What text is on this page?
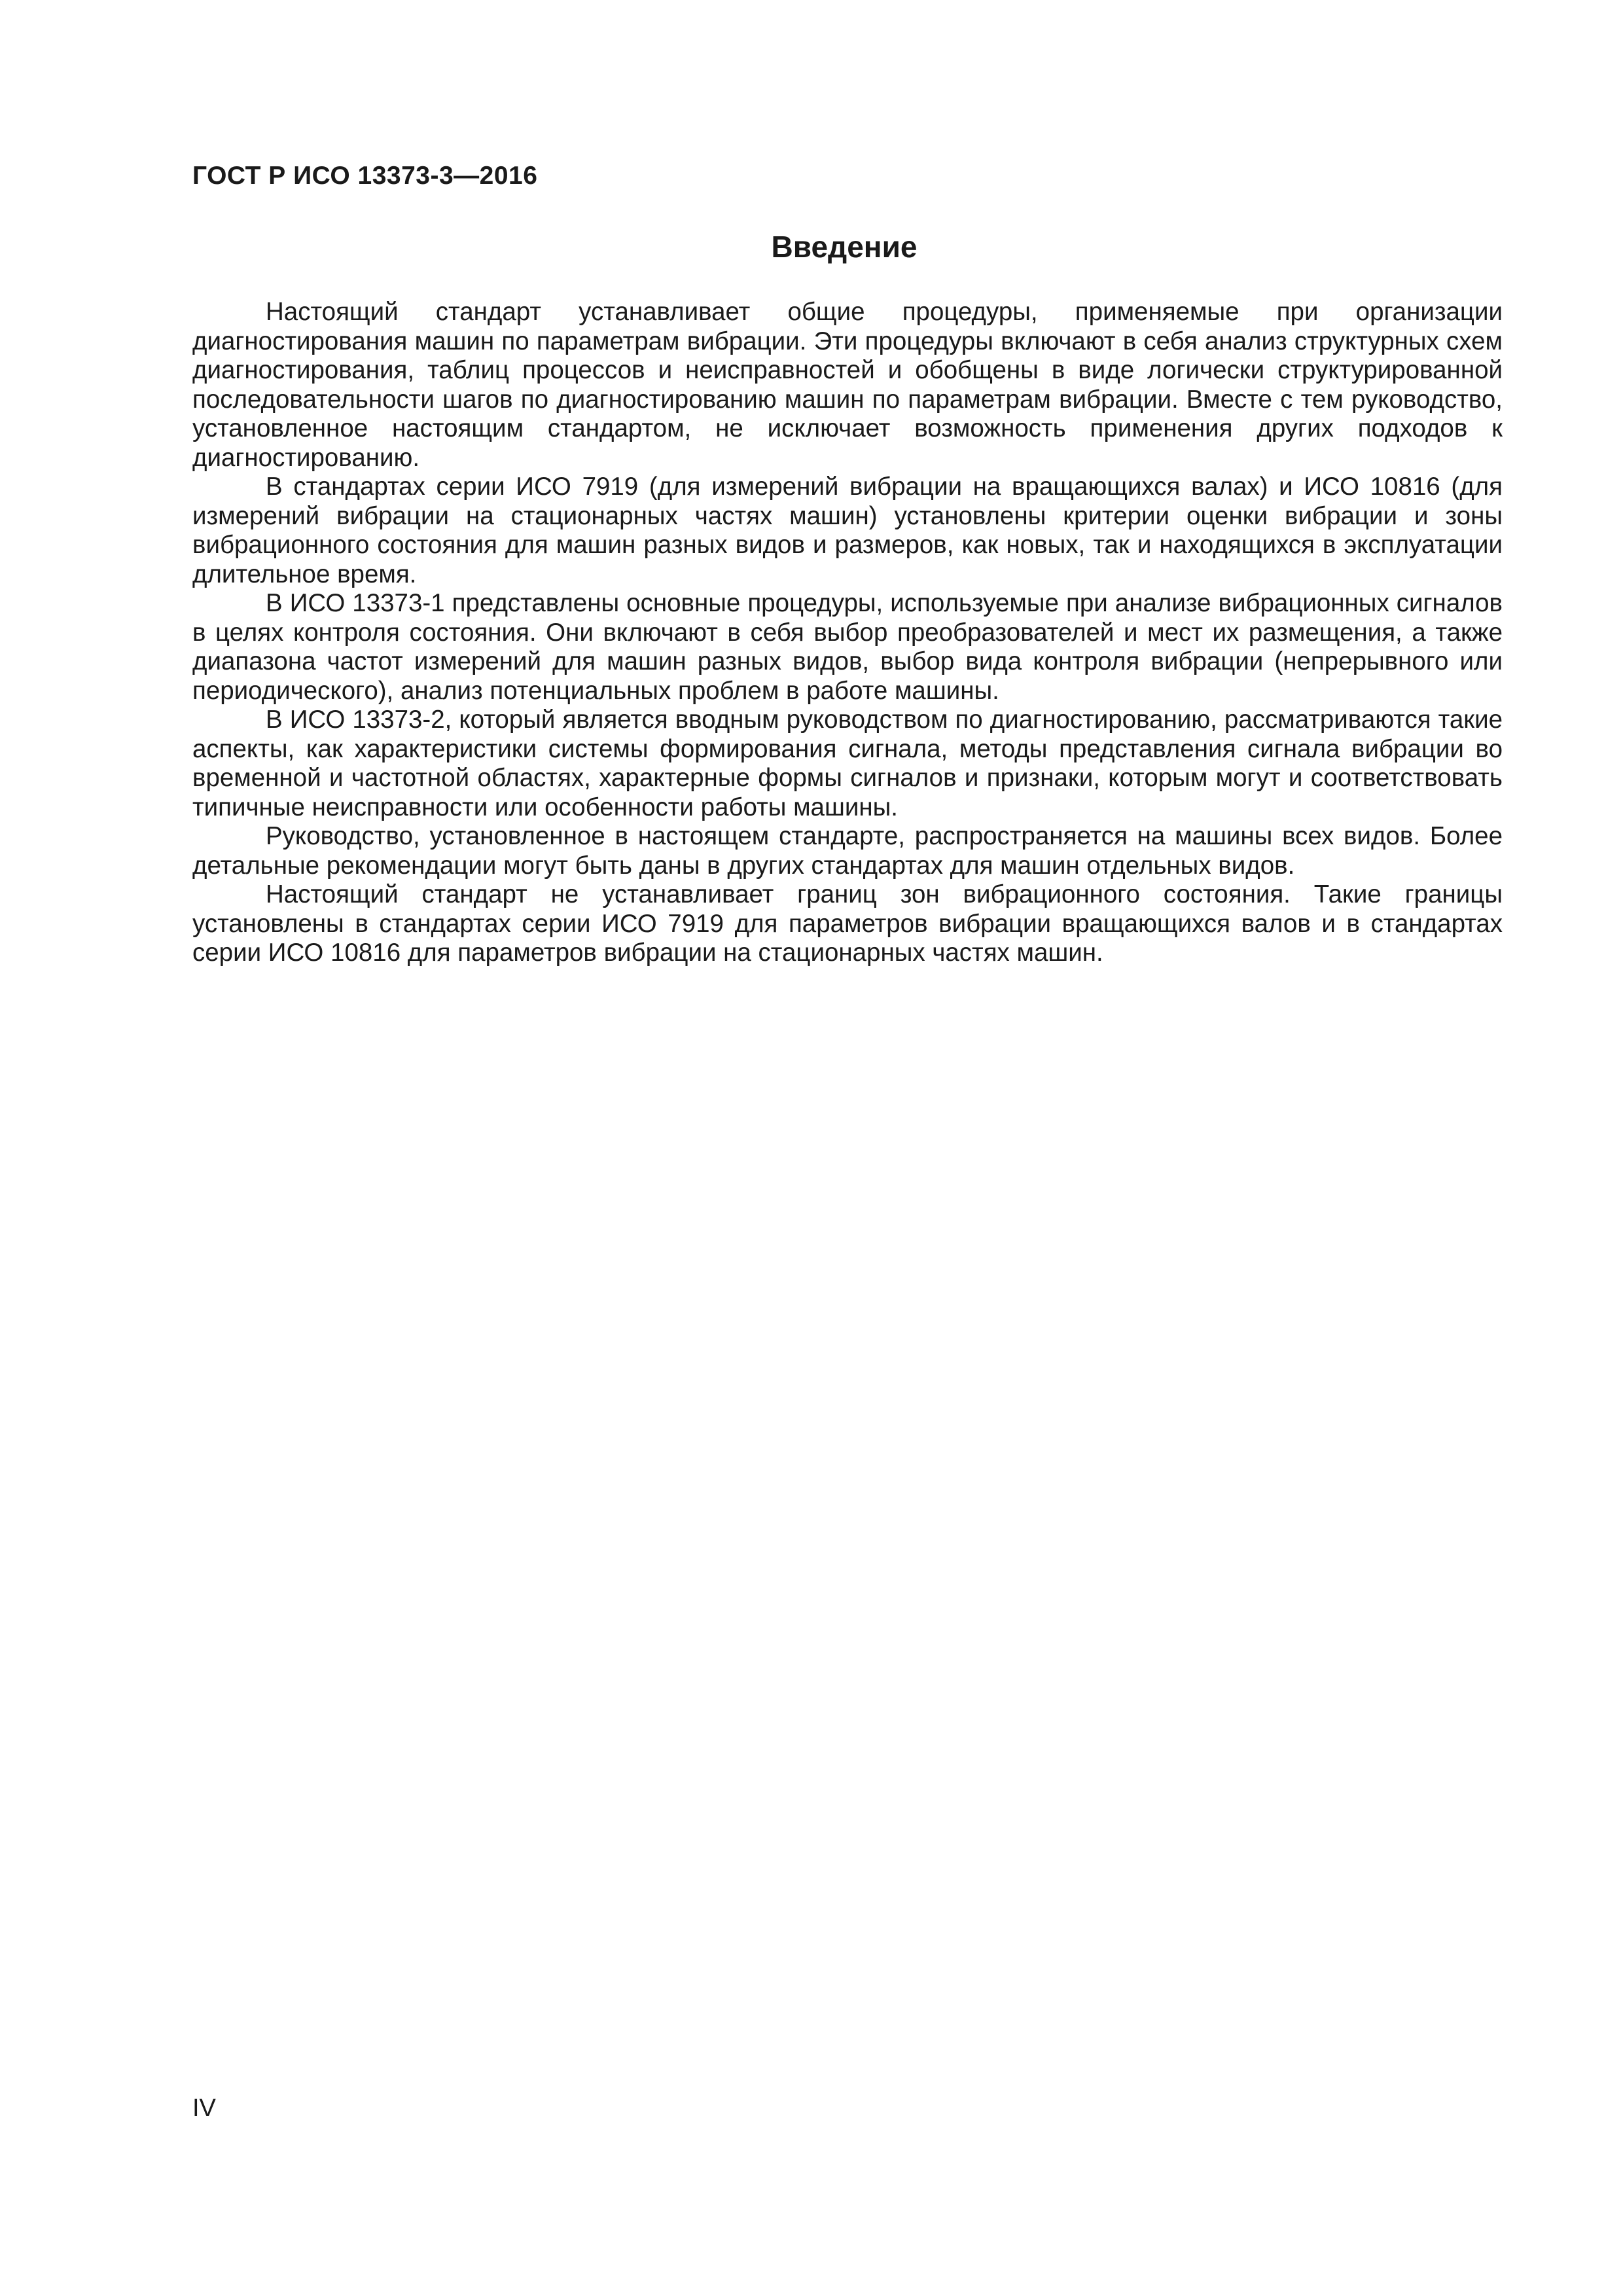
ГОСТ Р ИСО 13373-3—2016
Введение

Настоящий стандарт устанавливает общие процедуры, применяемые при организации диагностирования машин по параметрам вибрации. Эти процедуры включают в себя анализ структурных схем диагностирования, таблиц процессов и неисправностей и обобщены в виде логически структурированной последовательности шагов по диагностированию машин по параметрам вибрации. Вместе с тем руководство, установленное настоящим стандартом, не исключает возможность применения других подходов к диагностированию.

В стандартах серии ИСО 7919 (для измерений вибрации на вращающихся валах) и ИСО 10816 (для измерений вибрации на стационарных частях машин) установлены критерии оценки вибрации и зоны вибрационного состояния для машин разных видов и размеров, как новых, так и находящихся в эксплуатации длительное время.

В ИСО 13373-1 представлены основные процедуры, используемые при анализе вибрационных сигналов в целях контроля состояния. Они включают в себя выбор преобразователей и мест их размещения, а также диапазона частот измерений для машин разных видов, выбор вида контроля вибрации (непрерывного или периодического), анализ потенциальных проблем в работе машины.

В ИСО 13373-2, который является вводным руководством по диагностированию, рассматриваются такие аспекты, как характеристики системы формирования сигнала, методы представления сигнала вибрации во временной и частотной областях, характерные формы сигналов и признаки, которым могут и соответствовать типичные неисправности или особенности работы машины.

Руководство, установленное в настоящем стандарте, распространяется на машины всех видов. Более детальные рекомендации могут быть даны в других стандартах для машин отдельных видов.

Настоящий стандарт не устанавливает границ зон вибрационного состояния. Такие границы установлены в стандартах серии ИСО 7919 для параметров вибрации вращающихся валов и в стандартах серии ИСО 10816 для параметров вибрации на стационарных частях машин.

IV
